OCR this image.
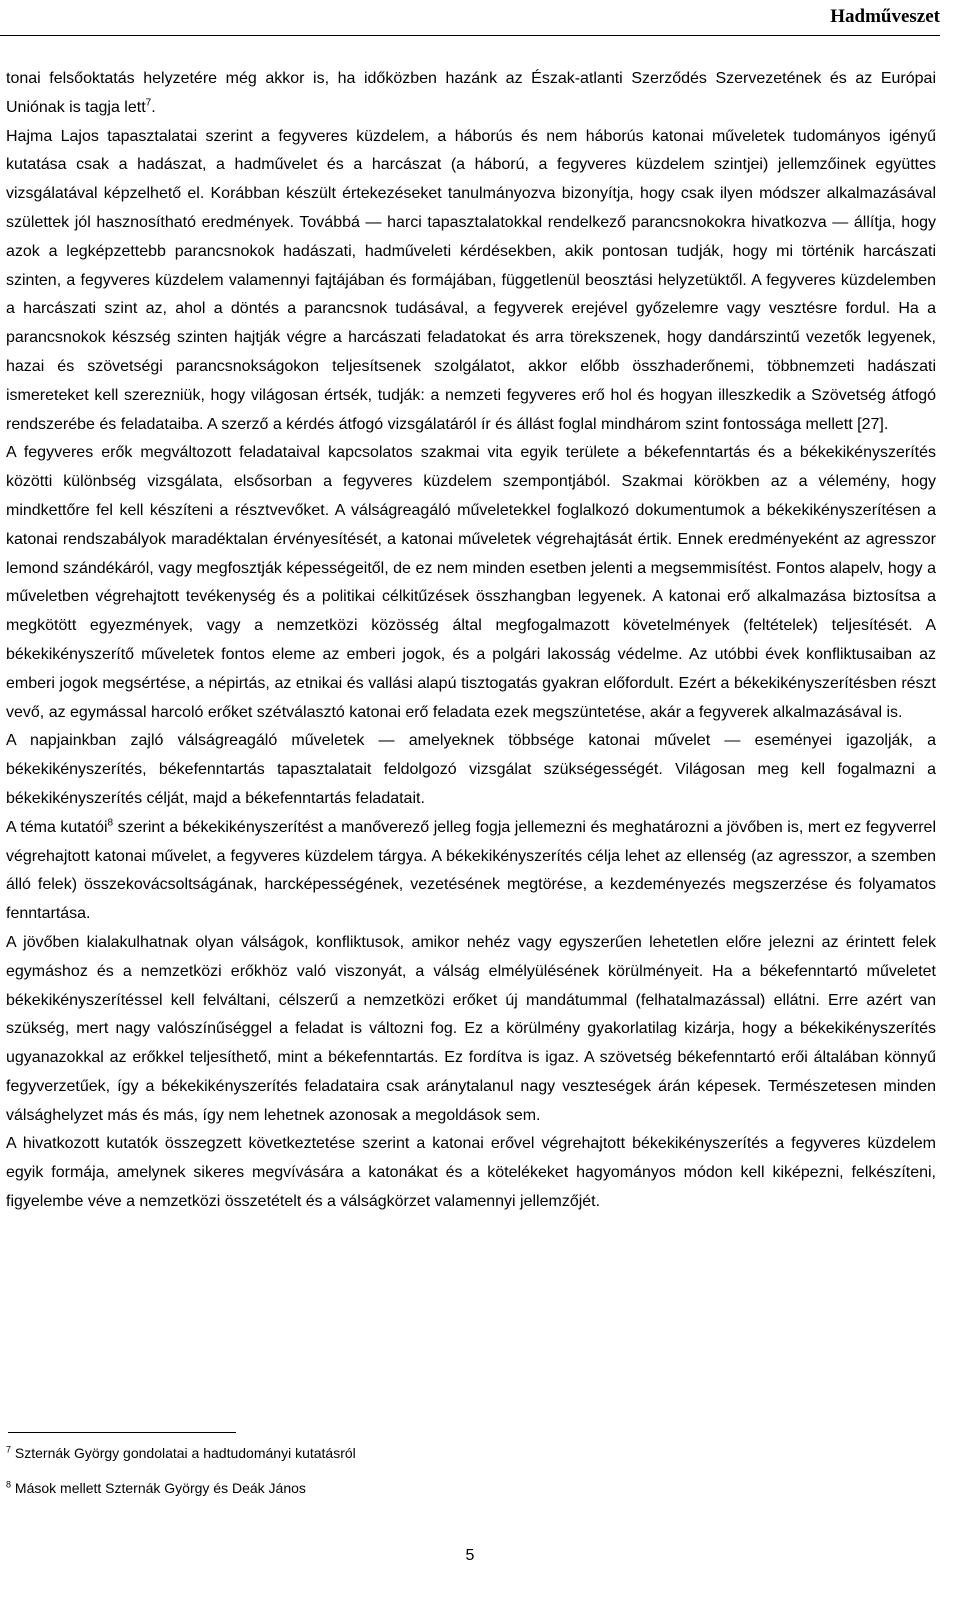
Hadműveszet

tonai felsőoktatás helyzetére még akkor is, ha időközben hazánk az Észak-atlanti Szerződés Szervezetének és az Európai Uniónak is tagja lett$^7$.

Hajma Lajos tapasztalatai szerint a fegyveres küzdelem, a háborús és nem háborús katonai műveletek tudományos igényű kutatása csak a hadászat, a hadművelet és a harcászat (a háború, a fegyveres küzdelem szintjei) jellemzőinek együttes vizsgálatával képzelhető el. Korábban készült értekezéseket tanulmányozva bizonyítja, hogy csak ilyen módszer alkalmazásával születtek jól hasznosítható eredmények. Továbbá — harci tapasztalatokkal rendelkező parancsnokokra hivatkozva — állítja, hogy azok a legképzettebb parancsnokok hadászati, hadműveleti kérdésekben, akik pontosan tudják, hogy mi történik harcászati szinten, a fegyveres küzdelem valamennyi fajtájában és formájában, függetlenül beosztási helyzetüktől. A fegyveres küzdelemben a harcászati szint az, ahol a döntés a parancsnok tudásával, a fegyverek erejével győzelemre vagy vesztésre fordul. Ha a parancsnokok készség szinten hajtják végre a harcászati feladatokat és arra törekszenek, hogy dandárszintű vezetők legyenek, hazai és szövetségi parancsnokságokon teljesítsenek szolgálatot, akkor előbb összhaderőnemi, többnemzeti hadászati ismereteket kell szerezniük, hogy világosan értsék, tudják: a nemzeti fegyveres erő hol és hogyan illeszkedik a Szövetség átfogó rendszerébe és feladataiba. A szerző a kérdés átfogó vizsgálatáról ír és állást foglal mindhárom szint fontossága mellett [27].

A fegyveres erők megváltozott feladataival kapcsolatos szakmai vita egyik területe a békefenntartás és a békekikényszerítés közötti különbség vizsgálata, elsősorban a fegyveres küzdelem szempontjából. Szakmai körökben az a vélemény, hogy mindkettőre fel kell készíteni a résztvevőket. A válságreagáló műveletekkel foglalkozó dokumentumok a békekikényszerítésen a katonai rendszabályok maradéktalan érvényesítését, a katonai műveletek végrehajtását értik. Ennek eredményeként az agresszor lemond szándékáról, vagy megfosztják képességeitől, de ez nem minden esetben jelenti a megsemmisítést. Fontos alapelv, hogy a műveletben végrehajtott tevékenység és a politikai célkitűzések összhangban legyenek. A katonai erő alkalmazása biztosítsa a megkötött egyezmények, vagy a nemzetközi közösség által megfogalmazott követelmények (feltételek) teljesítését. A békekikényszerítő műveletek fontos eleme az emberi jogok, és a polgári lakosság védelme. Az utóbbi évek konfliktusaiban az emberi jogok megsértése, a népirtás, az etnikai és vallási alapú tisztogatás gyakran előfordult. Ezért a békekikényszerítésben részt vevő, az egymással harcoló erőket szétválasztó katonai erő feladata ezek megszüntetése, akár a fegyverek alkalmazásával is.

A napjainkban zajló válságreagáló műveletek — amelyeknek többsége katonai művelet — eseményei igazolják, a békekikényszerítés, békefenntartás tapasztalatait feldolgozó vizsgálat szükségességét. Világosan meg kell fogalmazni a békekikényszerítés célját, majd a békefenntartás feladatait.

A téma kutatói$^8$ szerint a békekikényszerítést a manőverező jelleg fogja jellemezni és meghatározni a jövőben is, mert ez fegyverrel végrehajtott katonai művelet, a fegyveres küzdelem tárgya. A békekikényszerítés célja lehet az ellenség (az agresszor, a szemben álló felek) összekovácsoltságának, harcképességének, vezetésének megtörése, a kezdeményezés megszerzése és folyamatos fenntartása.

A jövőben kialakulhatnak olyan válságok, konfliktusok, amikor nehéz vagy egyszerűen lehetetlen előre jelezni az érintett felek egymáshoz és a nemzetközi erőkhöz való viszonyát, a válság elmélyülésének körülményeit. Ha a békefenntartó műveletet békekikényszerítéssel kell felváltani, célszerű a nemzetközi erőket új mandátummal (felhatalmazással) ellátni. Erre azért van szükség, mert nagy valószínűséggel a feladat is változni fog. Ez a körülmény gyakorlatilag kizárja, hogy a békekikényszerítés ugyanazokkal az erőkkel teljesíthető, mint a békefenntartás. Ez fordítva is igaz. A szövetség békefenntartó erői általában könnyű fegyverzetűek, így a békekikényszerítés feladataira csak aránytalanul nagy veszteségek árán képesek. Természetesen minden válsághelyzet más és más, így nem lehetnek azonosak a megoldások sem.

A hivatkozott kutatók összegzett következtetése szerint a katonai erővel végrehajtott békekikényszerítés a fegyveres küzdelem egyik formája, amelynek sikeres megvívására a katonákat és a kötelékeket hagyományos módon kell kiképezni, felkészíteni, figyelembe véve a nemzetközi összetételt és a válságkörzet valamennyi jellemzőjét.

$^7$ Szternák György gondolatai a hadtudományi kutatásról
$^8$ Mások mellett Szternák György és Deák János
5
